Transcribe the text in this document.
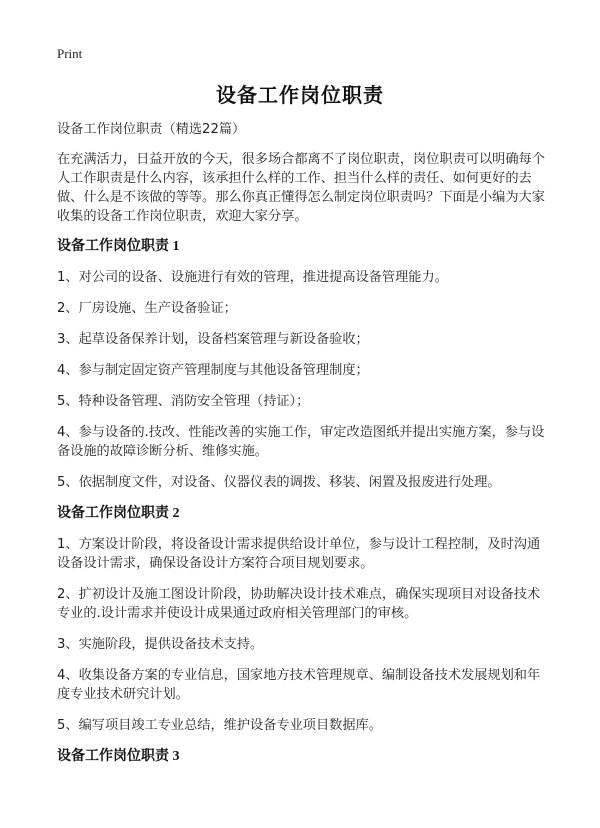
Print
设备工作岗位职责

设备工作岗位职责（精选22篇）

在充满活力，日益开放的今天，很多场合都离不了岗位职责，岗位职责可以明确每个人工作职责是什么内容，该承担什么样的工作、担当什么样的责任、如何更好的去做、什么是不该做的等等。那么你真正懂得怎么制定岗位职责吗？下面是小编为大家收集的设备工作岗位职责，欢迎大家分享。

设备工作岗位职责 1

1、对公司的设备、设施进行有效的管理，推进提高设备管理能力。

2、厂房设施、生产设备验证；

3、起草设备保养计划，设备档案管理与新设备验收；

4、参与制定固定资产管理制度与其他设备管理制度；

5、特种设备管理、消防安全管理（持证）；

4、参与设备的.技改、性能改善的实施工作，审定改造图纸并提出实施方案，参与设备设施的故障诊断分析、维修实施。

5、依据制度文件，对设备、仪器仪表的调拨、移装、闲置及报废进行处理。

设备工作岗位职责 2

1、方案设计阶段，将设备设计需求提供给设计单位，参与设计工程控制，及时沟通设备设计需求，确保设备设计方案符合项目规划要求。

2、扩初设计及施工图设计阶段，协助解决设计技术难点，确保实现项目对设备技术专业的.设计需求并使设计成果通过政府相关管理部门的审核。

3、实施阶段，提供设备技术支持。

4、收集设备方案的专业信息，国家地方技术管理规章、编制设备技术发展规划和年度专业技术研究计划。

5、编写项目竣工专业总结，维护设备专业项目数据库。

设备工作岗位职责 3
